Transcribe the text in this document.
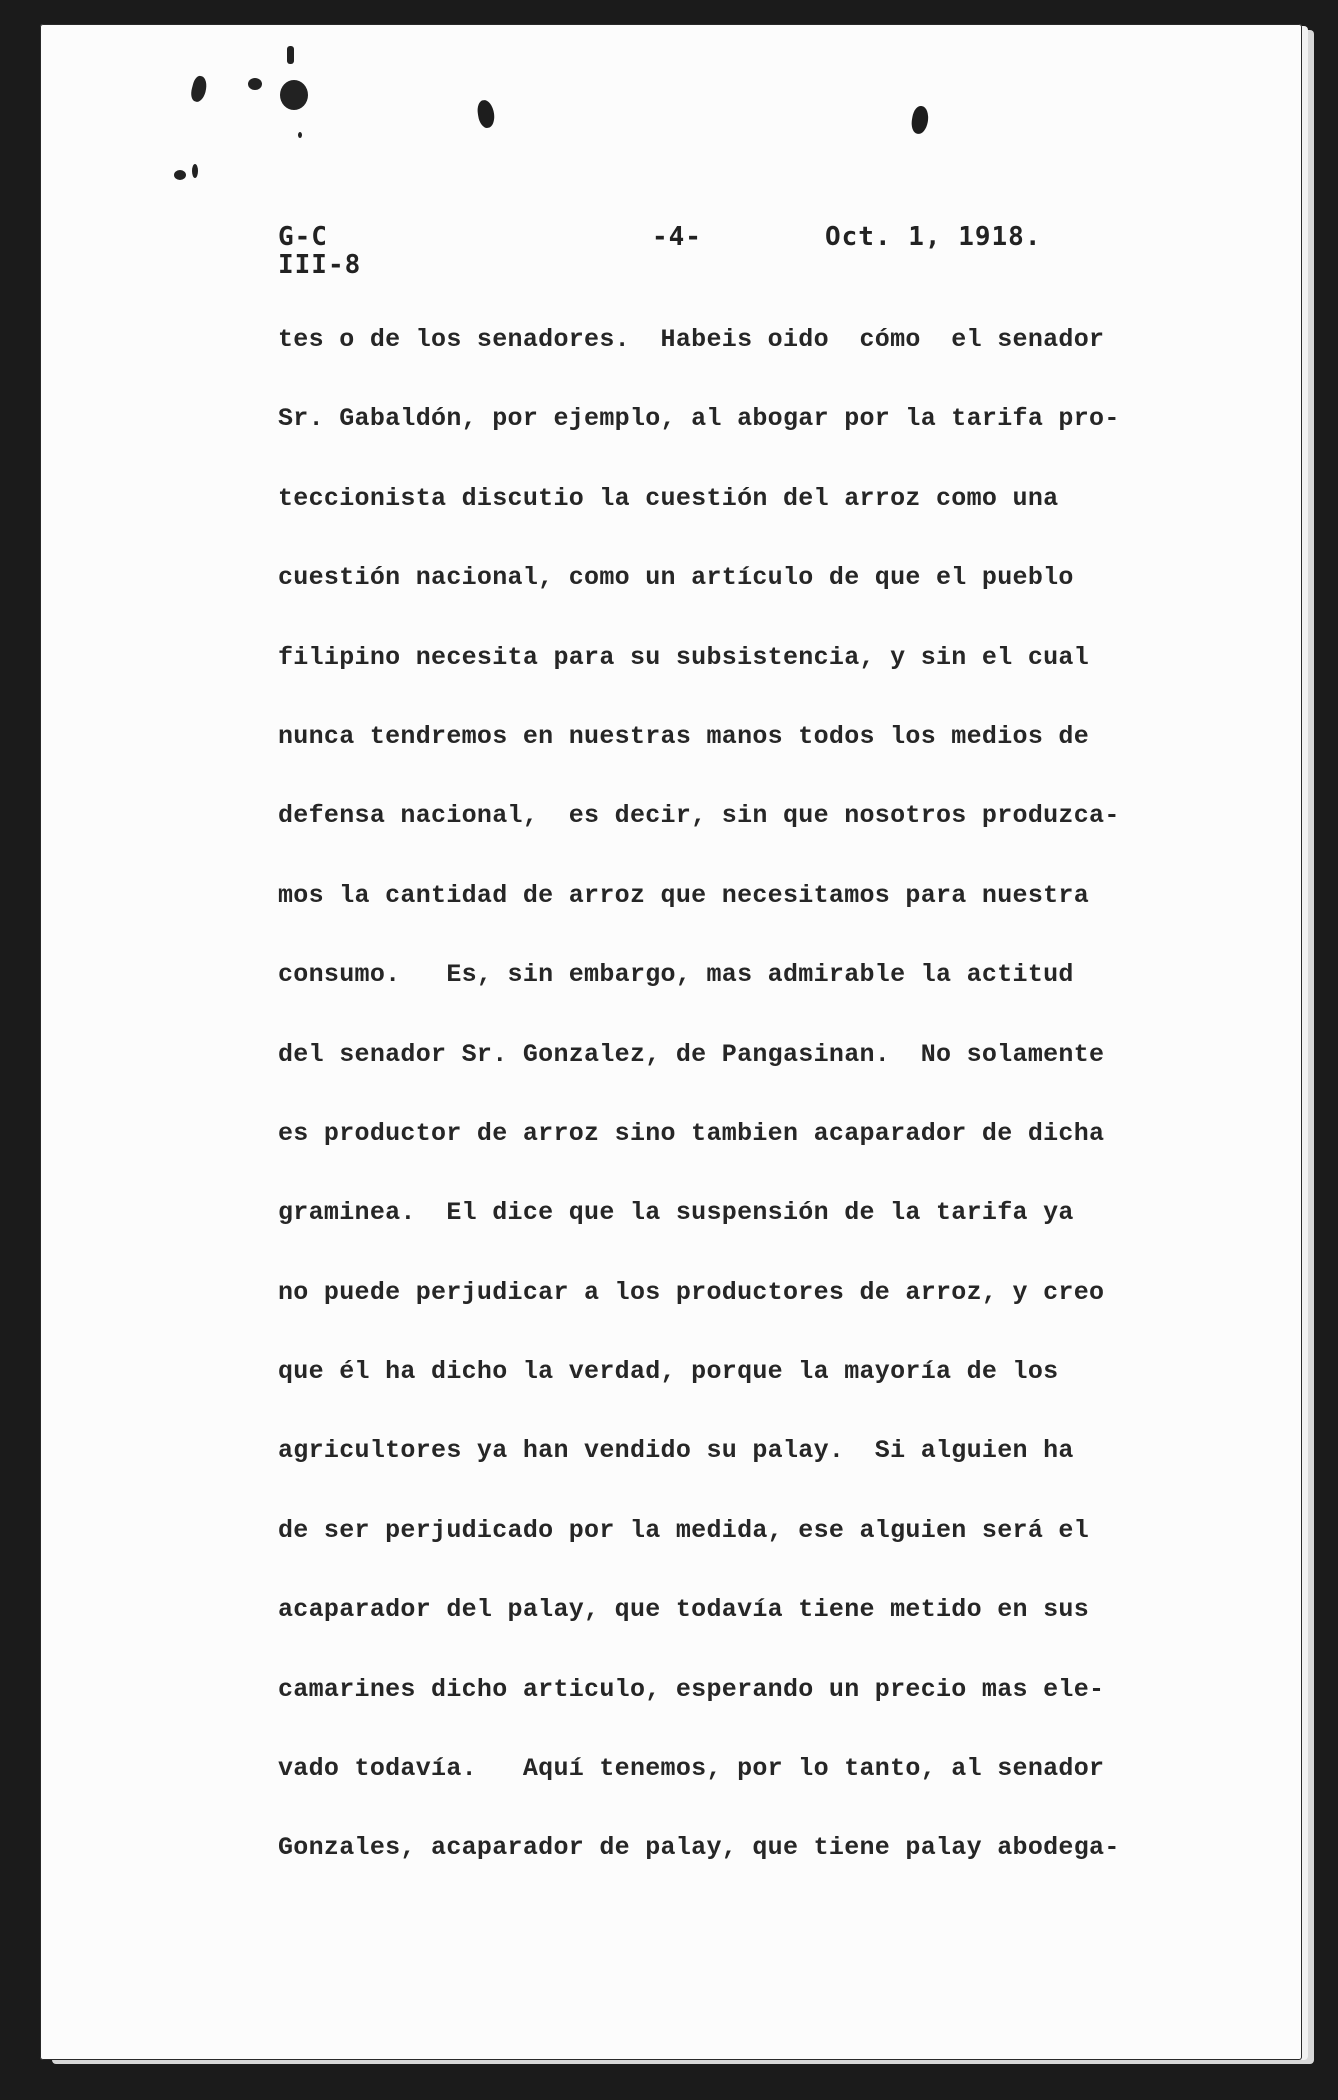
G-C
III-8
-4-	Oct. 1, 1918.
tes o de los senadores.  Habeis oido  cómo  el senador
Sr. Gabaldón, por ejemplo, al abogar por la tarifa pro-
teccionista discutio la cuestión del arroz como una
cuestión nacional, como un artículo de que el pueblo
filipino necesita para su subsistencia, y sin el cual
nunca tendremos en nuestras manos todos los medios de
defensa nacional,  es decir, sin que nosotros produzca-
mos la cantidad de arroz que necesitamos para nuestra
consumo.   Es, sin embargo, mas admirable la actitud
del senador Sr. Gonzalez, de Pangasinan.  No solamente
es productor de arroz sino tambien acaparador de dicha
graminea.  El dice que la suspensión de la tarifa ya
no puede perjudicar a los productores de arroz, y creo
que él ha dicho la verdad, porque la mayoría de los
agricultores ya han vendido su palay.  Si alguien ha
de ser perjudicado por la medida, ese alguien será el
acaparador del palay, que todavía tiene metido en sus
camarines dicho articulo, esperando un precio mas ele-
vado todavía.   Aquí tenemos, por lo tanto, al senador
Gonzales, acaparador de palay, que tiene palay abodega-
